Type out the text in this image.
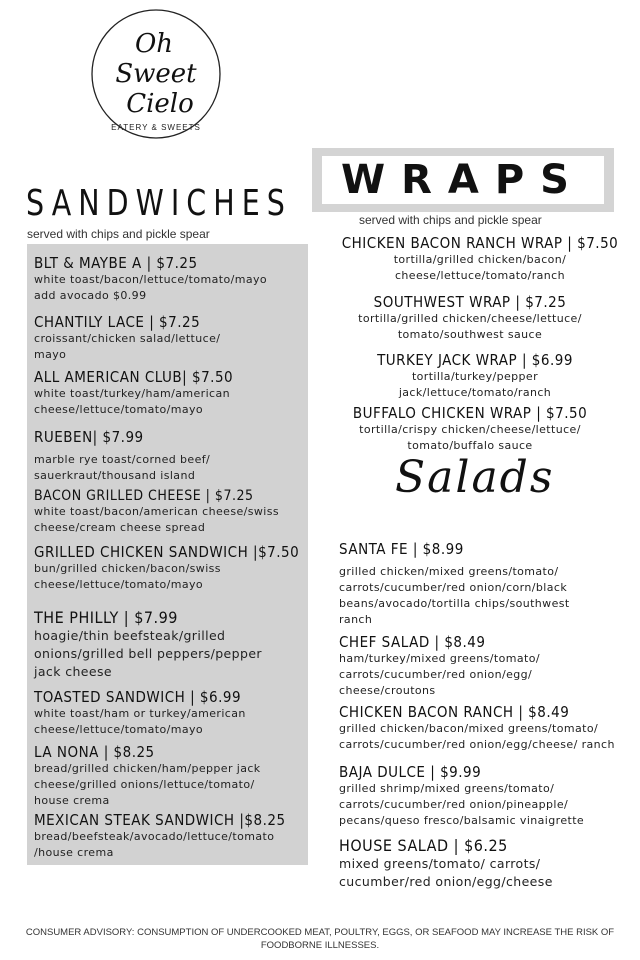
Oh
Sweet
Cielo
EATERY & SWEETS
SANDWICHES
served with chips and pickle spear
WRAPS
served with chips and pickle spear
BLT & MAYBE A | $7.25
white toast/bacon/lettuce/tomato/mayo
add avocado $0.99
CHANTILY LACE | $7.25
croissant/chicken salad/lettuce/
mayo
ALL AMERICAN CLUB| $7.50
white toast/turkey/ham/american
cheese/lettuce/tomato/mayo
RUEBEN| $7.99
marble rye toast/corned beef/
sauerkraut/thousand island
BACON GRILLED CHEESE | $7.25
white toast/bacon/american cheese/swiss
cheese/cream cheese spread
GRILLED CHICKEN SANDWICH |$7.50
bun/grilled chicken/bacon/swiss
cheese/lettuce/tomato/mayo
THE PHILLY | $7.99
hoagie/thin beefsteak/grilled
onions/grilled bell peppers/pepper
jack cheese
TOASTED SANDWICH | $6.99
white toast/ham or turkey/american
cheese/lettuce/tomato/mayo
LA NONA | $8.25
bread/grilled chicken/ham/pepper jack
cheese/grilled onions/lettuce/tomato/
house crema
MEXICAN STEAK SANDWICH |$8.25
bread/beefsteak/avocado/lettuce/tomato
/house crema
CHICKEN BACON RANCH WRAP | $7.50
tortilla/grilled chicken/bacon/
cheese/lettuce/tomato/ranch
SOUTHWEST WRAP | $7.25
tortilla/grilled chicken/cheese/lettuce/
tomato/southwest sauce
TURKEY JACK WRAP | $6.99
tortilla/turkey/pepper
jack/lettuce/tomato/ranch
BUFFALO CHICKEN WRAP | $7.50
tortilla/crispy chicken/cheese/lettuce/
tomato/buffalo sauce
Salads
SANTA FE | $8.99
grilled chicken/mixed greens/tomato/
carrots/cucumber/red onion/corn/black
beans/avocado/tortilla chips/southwest
ranch
CHEF SALAD | $8.49
ham/turkey/mixed greens/tomato/
carrots/cucumber/red onion/egg/
cheese/croutons
CHICKEN BACON RANCH | $8.49
grilled chicken/bacon/mixed greens/tomato/
carrots/cucumber/red onion/egg/cheese/ ranch
BAJA DULCE | $9.99
grilled shrimp/mixed greens/tomato/
carrots/cucumber/red onion/pineapple/
pecans/queso fresco/balsamic vinaigrette
HOUSE SALAD | $6.25
mixed greens/tomato/ carrots/
cucumber/red onion/egg/cheese
CONSUMER ADVISORY: CONSUMPTION OF UNDERCOOKED MEAT, POULTRY, EGGS, OR SEAFOOD MAY INCREASE THE RISK OF FOODBORNE ILLNESSES.
